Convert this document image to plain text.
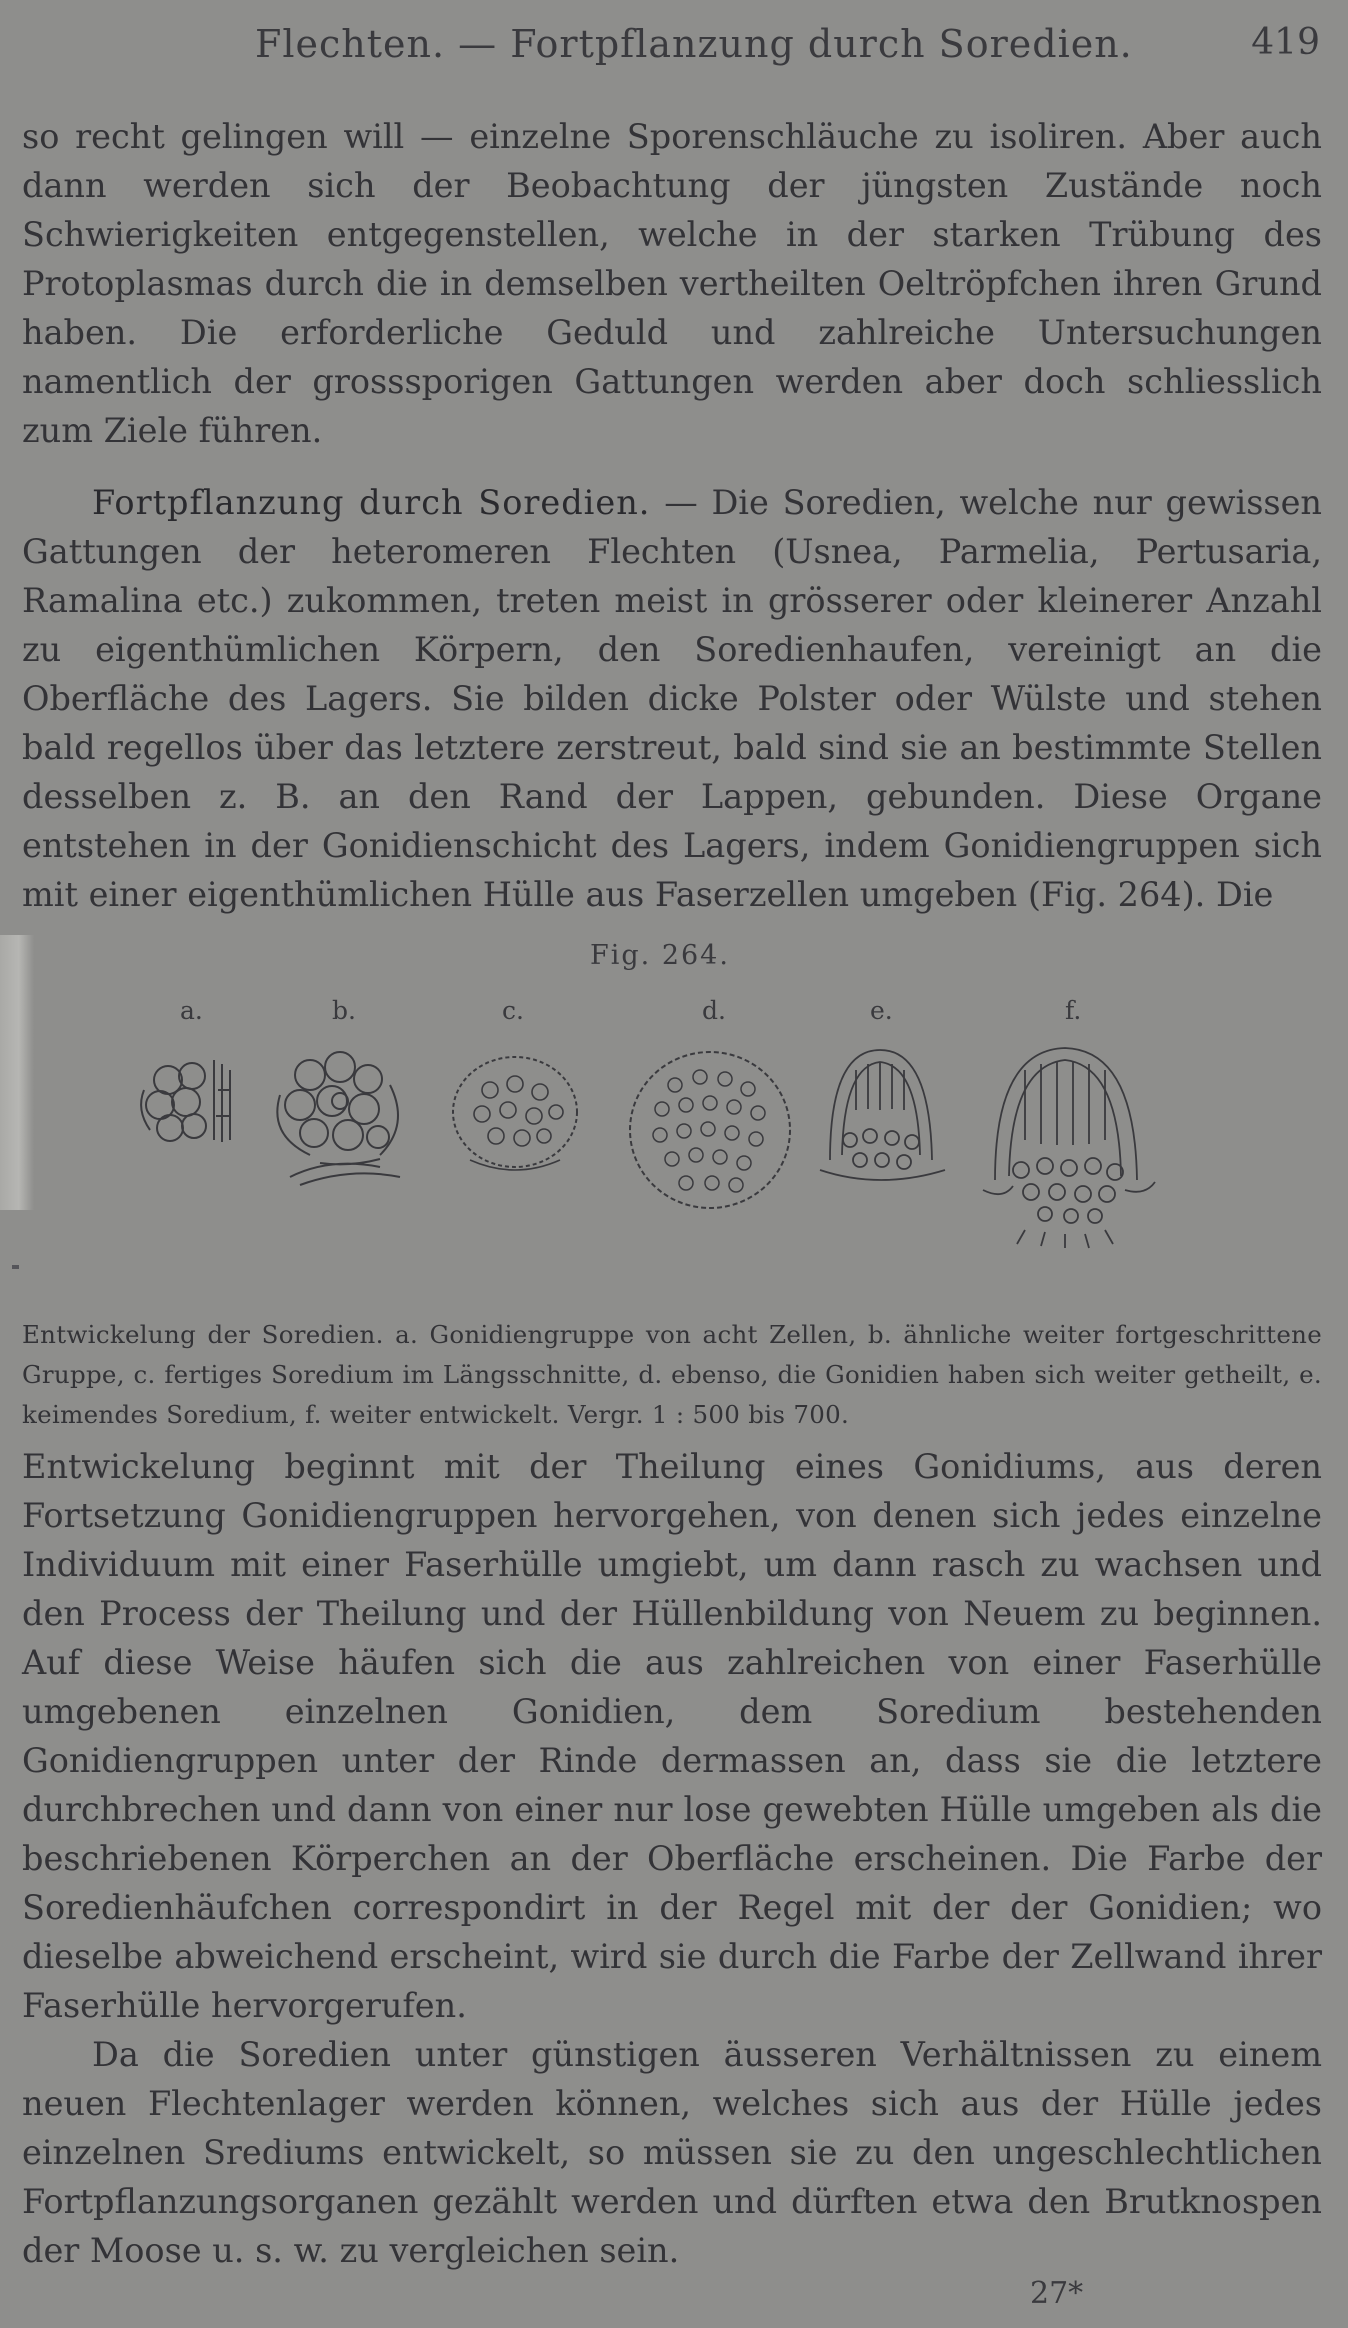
Flechten. — Fortpflanzung durch Soredien.	419

so recht gelingen will — einzelne Sporenschläuche zu isoliren. Aber auch dann werden sich der Beobachtung der jüngsten Zustände noch Schwierigkeiten entgegenstellen, welche in der starken Trübung des Protoplasmas durch die in demselben vertheilten Oeltröpfchen ihren Grund haben. Die erforderliche Geduld und zahlreiche Untersuchungen namentlich der grosssporigen Gattungen werden aber doch schliesslich zum Ziele führen.

Fortpflanzung durch Soredien. — Die Soredien, welche nur gewissen Gattungen der heteromeren Flechten (Usnea, Parmelia, Pertusaria, Ramalina etc.) zukommen, treten meist in grösserer oder kleinerer Anzahl zu eigenthümlichen Körpern, den Soredienhaufen, vereinigt an die Oberfläche des Lagers. Sie bilden dicke Polster oder Wülste und stehen bald regellos über das letztere zerstreut, bald sind sie an bestimmte Stellen desselben z. B. an den Rand der Lappen, gebunden. Diese Organe entstehen in der Gonidienschicht des Lagers, indem Gonidiengruppen sich mit einer eigenthümlichen Hülle aus Faserzellen umgeben (Fig. 264). Die

Fig. 264.
a.	b.	c.	d.	e.	f.

Entwickelung der Soredien. a. Gonidiengruppe von acht Zellen, b. ähnliche weiter fortgeschrittene Gruppe, c. fertiges Soredium im Längsschnitte, d. ebenso, die Gonidien haben sich weiter getheilt, e. keimendes Soredium, f. weiter entwickelt. Vergr. 1 : 500 bis 700.

Entwickelung beginnt mit der Theilung eines Gonidiums, aus deren Fortsetzung Gonidiengruppen hervorgehen, von denen sich jedes einzelne Individuum mit einer Faserhülle umgiebt, um dann rasch zu wachsen und den Process der Theilung und der Hüllenbildung von Neuem zu beginnen. Auf diese Weise häufen sich die aus zahlreichen von einer Faserhülle umgebenen einzelnen Gonidien, dem Soredium bestehenden Gonidiengruppen unter der Rinde dermassen an, dass sie die letztere durchbrechen und dann von einer nur lose gewebten Hülle umgeben als die beschriebenen Körperchen an der Oberfläche erscheinen. Die Farbe der Soredienhäufchen correspondirt in der Regel mit der der Gonidien; wo dieselbe abweichend erscheint, wird sie durch die Farbe der Zellwand ihrer Faserhülle hervorgerufen.

Da die Soredien unter günstigen äusseren Verhältnissen zu einem neuen Flechtenlager werden können, welches sich aus der Hülle jedes einzelnen Srediums entwickelt, so müssen sie zu den ungeschlechtlichen Fortpflanzungsorganen gezählt werden und dürften etwa den Brutknospen der Moose u. s. w. zu vergleichen sein.

27*
